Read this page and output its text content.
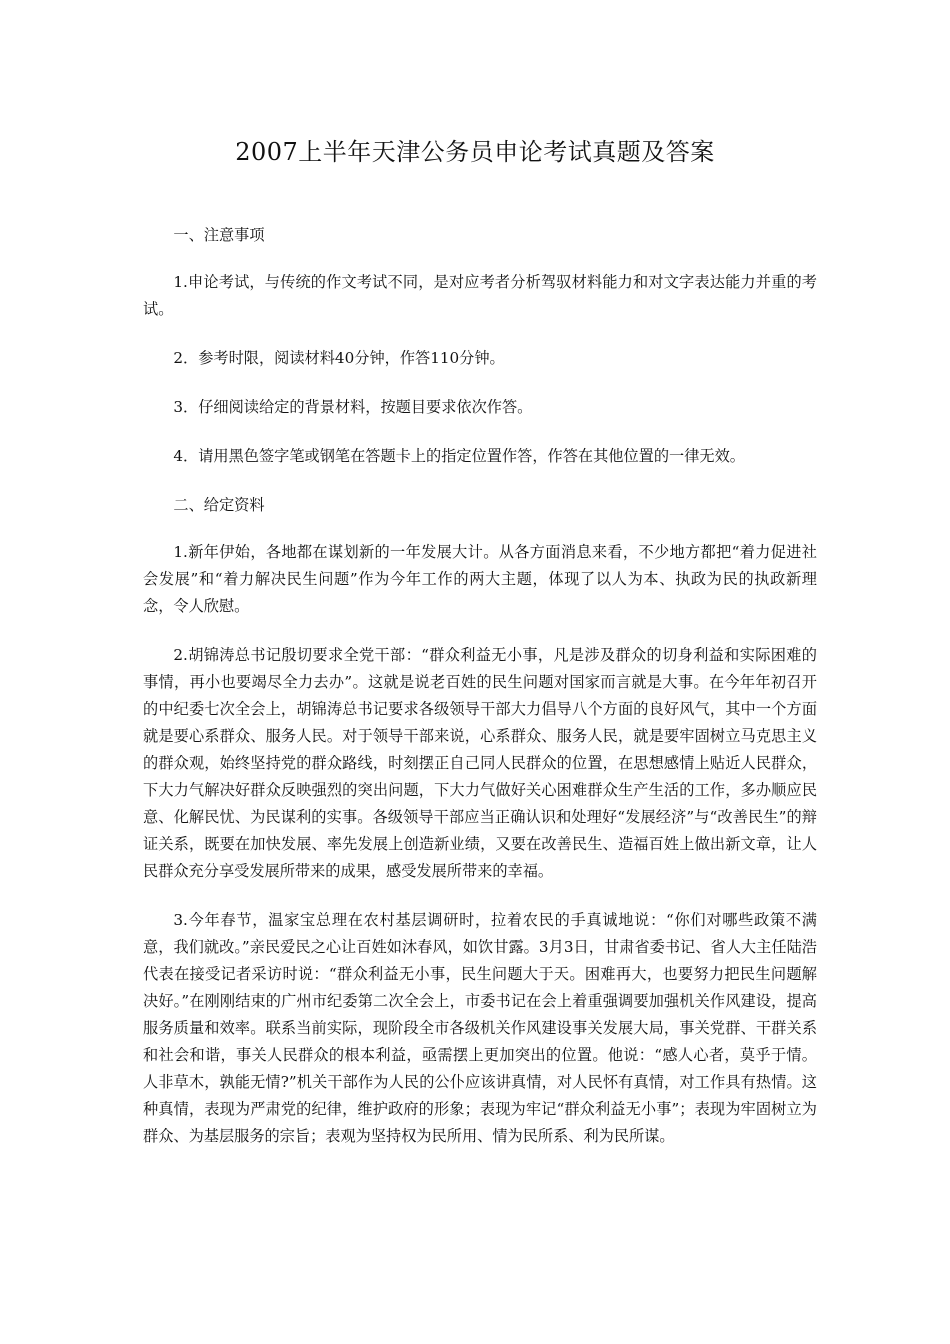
2007上半年天津公务员申论考试真题及答案

一、注意事项

1.申论考试，与传统的作文考试不同，是对应考者分析驾驭材料能力和对文字表达能力并重的考试。

2．参考时限，阅读材料40分钟，作答110分钟。

3．仔细阅读给定的背景材料，按题目要求依次作答。

4．请用黑色签字笔或钢笔在答题卡上的指定位置作答，作答在其他位置的一律无效。

二、给定资料

1.新年伊始，各地都在谋划新的一年发展大计。从各方面消息来看，不少地方都把“着力促进社会发展”和“着力解决民生问题”作为今年工作的两大主题，体现了以人为本、执政为民的执政新理念，令人欣慰。

2.胡锦涛总书记殷切要求全党干部：“群众利益无小事，凡是涉及群众的切身利益和实际困难的事情，再小也要竭尽全力去办”。这就是说老百姓的民生问题对国家而言就是大事。在今年年初召开的中纪委七次全会上，胡锦涛总书记要求各级领导干部大力倡导八个方面的良好风气，其中一个方面就是要心系群众、服务人民。对于领导干部来说，心系群众、服务人民，就是要牢固树立马克思主义的群众观，始终坚持党的群众路线，时刻摆正自己同人民群众的位置，在思想感情上贴近人民群众，下大力气解决好群众反映强烈的突出问题，下大力气做好关心困难群众生产生活的工作，多办顺应民意、化解民忧、为民谋利的实事。各级领导干部应当正确认识和处理好“发展经济”与“改善民生”的辩证关系，既要在加快发展、率先发展上创造新业绩，又要在改善民生、造福百姓上做出新文章，让人民群众充分享受发展所带来的成果，感受发展所带来的幸福。

3.今年春节，温家宝总理在农村基层调研时，拉着农民的手真诚地说：“你们对哪些政策不满意，我们就改。”亲民爱民之心让百姓如沐春风，如饮甘露。3月3日，甘肃省委书记、省人大主任陆浩代表在接受记者采访时说：“群众利益无小事，民生问题大于天。困难再大，也要努力把民生问题解决好。”在刚刚结束的广州市纪委第二次全会上，市委书记在会上着重强调要加强机关作风建设，提高服务质量和效率。联系当前实际，现阶段全市各级机关作风建设事关发展大局，事关党群、干群关系和社会和谐，事关人民群众的根本利益，亟需摆上更加突出的位置。他说：“感人心者，莫乎于情。人非草木，孰能无情?”机关干部作为人民的公仆应该讲真情，对人民怀有真情，对工作具有热情。这种真情，表现为严肃党的纪律，维护政府的形象；表现为牢记“群众利益无小事”；表现为牢固树立为群众、为基层服务的宗旨；表观为坚持权为民所用、情为民所系、利为民所谋。
